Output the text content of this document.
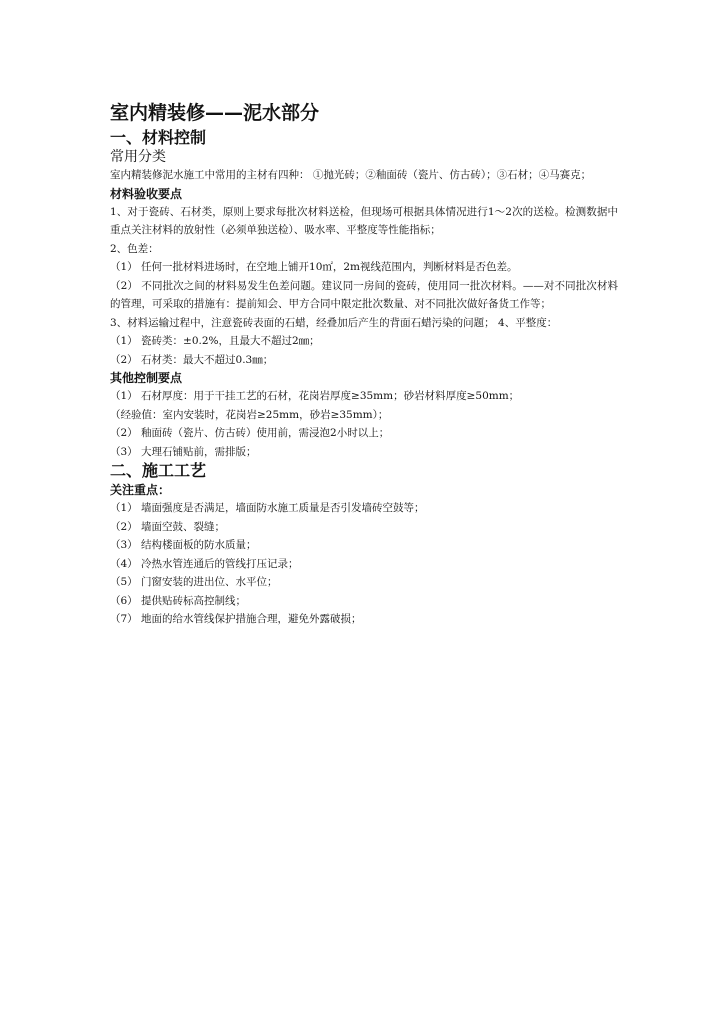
室内精装修——泥水部分
一、材料控制
常用分类
室内精装修泥水施工中常用的主材有四种： ①抛光砖；②釉面砖（瓷片、仿古砖）；③石材；④马赛克；
材料验收要点
1、对于瓷砖、石材类，原则上要求每批次材料送检，但现场可根据具体情况进行1～2次的送检。检测数据中重点关注材料的放射性（必须单独送检）、吸水率、平整度等性能指标；
2、色差：
（1） 任何一批材料进场时，在空地上铺开10㎡，2m视线范围内，判断材料是否色差。
（2） 不同批次之间的材料易发生色差问题。建议同一房间的瓷砖，使用同一批次材料。——对不同批次材料的管理，可采取的措施有：提前知会、甲方合同中限定批次数量、对不同批次做好备货工作等；
3、材料运输过程中，注意瓷砖表面的石蜡，经叠加后产生的背面石蜡污染的问题； 4、平整度：
（1） 瓷砖类：±0.2%，且最大不超过2㎜；
（2） 石材类：最大不超过0.3㎜；
其他控制要点
（1） 石材厚度：用于干挂工艺的石材，花岗岩厚度≥35mm；砂岩材料厚度≥50mm；
（经验值：室内安装时，花岗岩≥25mm，砂岩≥35mm）；
（2） 釉面砖（瓷片、仿古砖）使用前，需浸泡2小时以上；
（3） 大理石铺贴前，需排版；
二、施工工艺
关注重点：
（1） 墙面强度是否满足，墙面防水施工质量是否引发墙砖空鼓等；
（2） 墙面空鼓、裂缝；
（3） 结构楼面板的防水质量；
（4） 冷热水管连通后的管线打压记录；
（5） 门窗安装的进出位、水平位；
（6） 提供贴砖标高控制线；
（7） 地面的给水管线保护措施合理，避免外露破损；
